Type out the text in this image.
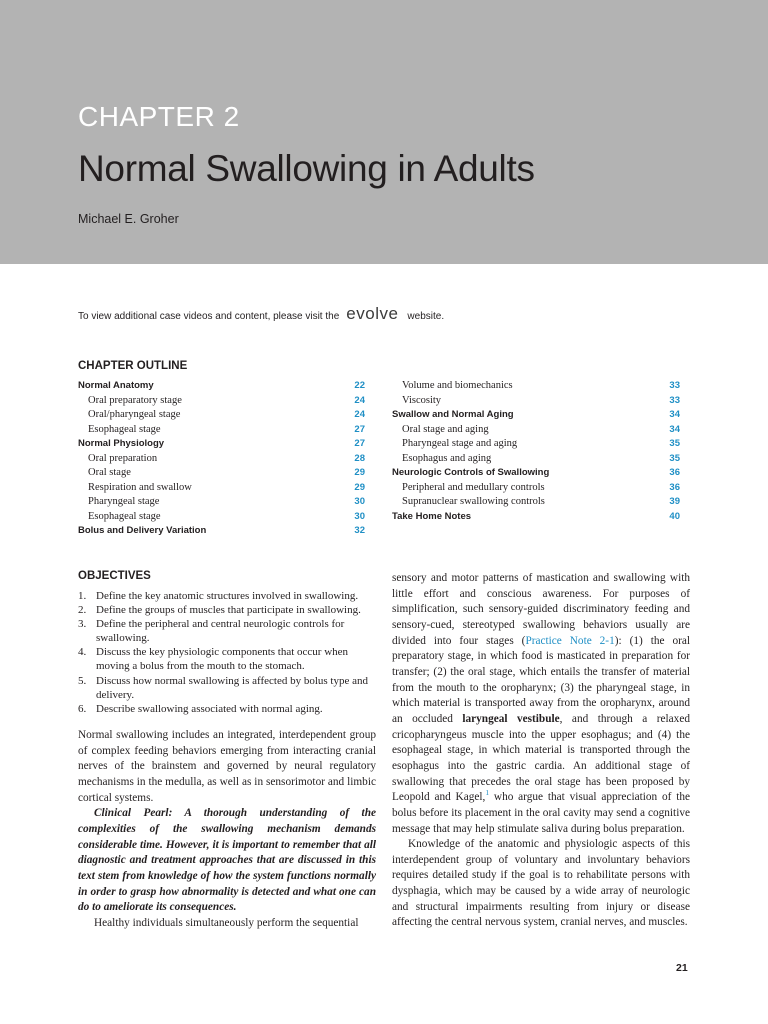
CHAPTER 2
Normal Swallowing in Adults
Michael E. Groher
To view additional case videos and content, please visit the evolve website.
CHAPTER OUTLINE
Normal Anatomy	22
Oral preparatory stage	24
Oral/pharyngeal stage	24
Esophageal stage	27
Normal Physiology	27
Oral preparation	28
Oral stage	29
Respiration and swallow	29
Pharyngeal stage	30
Esophageal stage	30
Bolus and Delivery Variation	32
Volume and biomechanics	33
Viscosity	33
Swallow and Normal Aging	34
Oral stage and aging	34
Pharyngeal stage and aging	35
Esophagus and aging	35
Neurologic Controls of Swallowing	36
Peripheral and medullary controls	36
Supranuclear swallowing controls	39
Take Home Notes	40
OBJECTIVES
1. Define the key anatomic structures involved in swallowing.
2. Define the groups of muscles that participate in swallowing.
3. Define the peripheral and central neurologic controls for swallowing.
4. Discuss the key physiologic components that occur when moving a bolus from the mouth to the stomach.
5. Discuss how normal swallowing is affected by bolus type and delivery.
6. Describe swallowing associated with normal aging.

Normal swallowing includes an integrated, interdependent group of complex feeding behaviors emerging from interacting cranial nerves of the brainstem and governed by neural regulatory mechanisms in the medulla, as well as in sensorimotor and limbic cortical systems.

Clinical Pearl: A thorough understanding of the complexities of the swallowing mechanism demands considerable time. However, it is important to remember that all diagnostic and treatment approaches that are discussed in this text stem from knowledge of how the system functions normally in order to grasp how abnormality is detected and what one can do to ameliorate its consequences.

Healthy individuals simultaneously perform the sequential

sensory and motor patterns of mastication and swallowing with little effort and conscious awareness. For purposes of simplification, such sensory-guided discriminatory feeding and sensory-cued, stereotyped swallowing behaviors usually are divided into four stages (Practice Note 2-1): (1) the oral preparatory stage, in which food is masticated in preparation for transfer; (2) the oral stage, which entails the transfer of material from the mouth to the oropharynx; (3) the pharyngeal stage, in which material is transported away from the oropharynx, around an occluded laryngeal vestibule, and through a relaxed cricopharyngeus muscle into the upper esophagus; and (4) the esophageal stage, in which material is transported through the esophagus into the gastric cardia. An additional stage of swallowing that precedes the oral stage has been proposed by Leopold and Kagel,$^1$ who argue that visual appreciation of the bolus before its placement in the oral cavity may send a cognitive message that may help stimulate saliva during bolus preparation.

Knowledge of the anatomic and physiologic aspects of this interdependent group of voluntary and involuntary behaviors requires detailed study if the goal is to rehabilitate persons with dysphagia, which may be caused by a wide array of neurologic and structural impairments resulting from injury or disease affecting the central nervous system, cranial nerves, and muscles.

21
